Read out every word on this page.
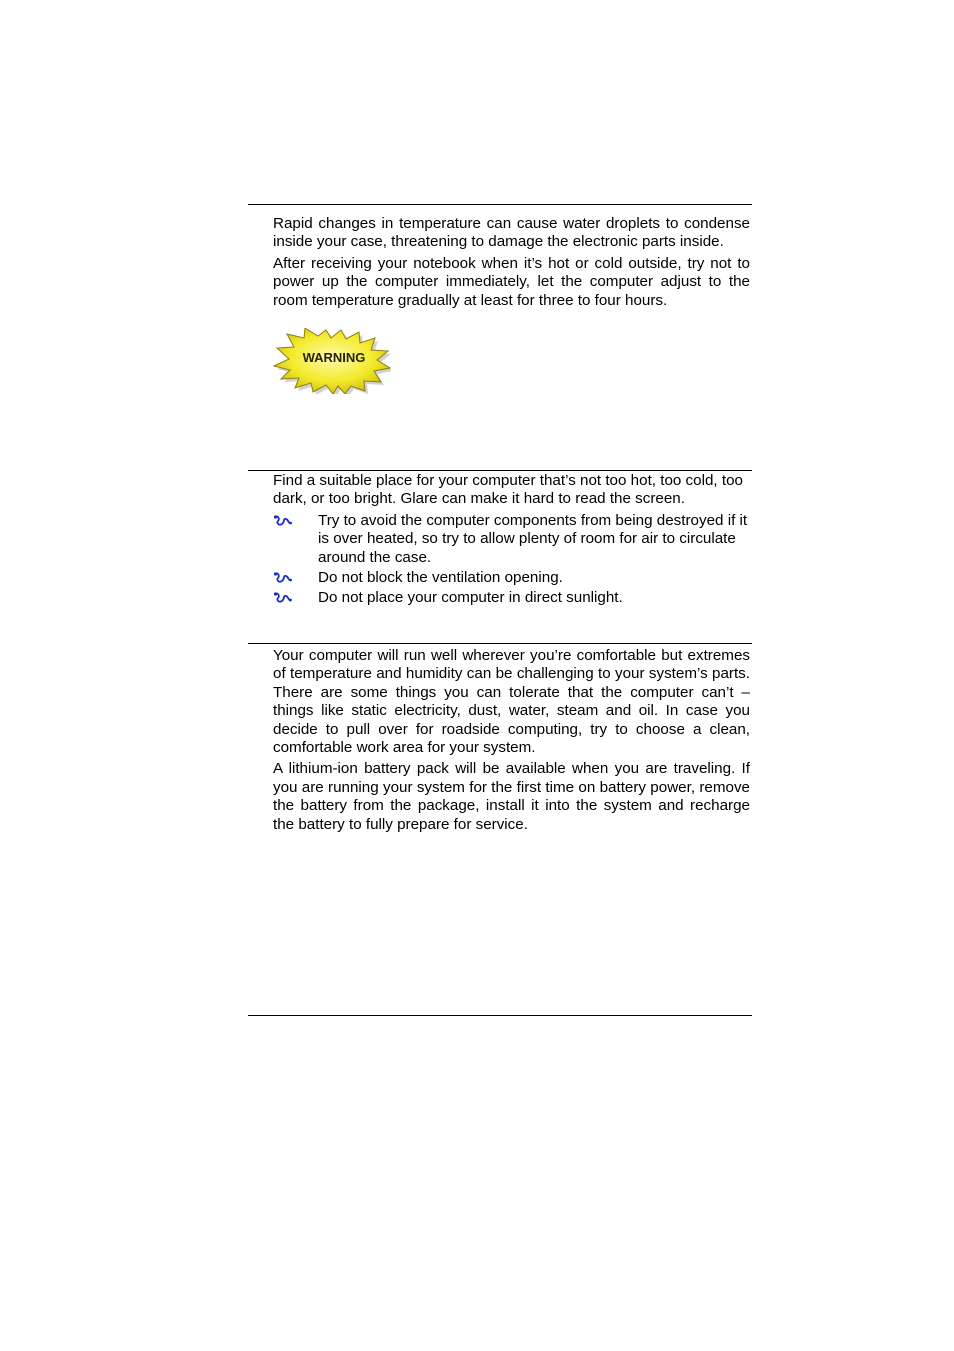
Rapid changes in temperature can cause water droplets to condense inside your case, threatening to damage the electronic parts inside.

After receiving your notebook when it’s hot or cold outside, try not to power up the computer immediately, let the computer adjust to the room temperature gradually at least for three to four hours.

WARNING

Find a suitable place for your computer that’s not too hot, too cold, too dark, or too bright. Glare can make it hard to read the screen.

Try to avoid the computer components from being destroyed if it is over heated, so try to allow plenty of room for air to circulate around the case.
Do not block the ventilation opening.
Do not place your computer in direct sunlight.

Your computer will run well wherever you’re comfortable but extremes of temperature and humidity can be challenging to your system’s parts. There are some things you can tolerate that the computer can’t – things like static electricity, dust, water, steam and oil. In case you decide to pull over for roadside computing, try to choose a clean, comfortable work area for your system.

A lithium-ion battery pack will be available when you are traveling. If you are running your system for the first time on battery power, remove the battery from the package, install it into the system and recharge the battery to fully prepare for service.
